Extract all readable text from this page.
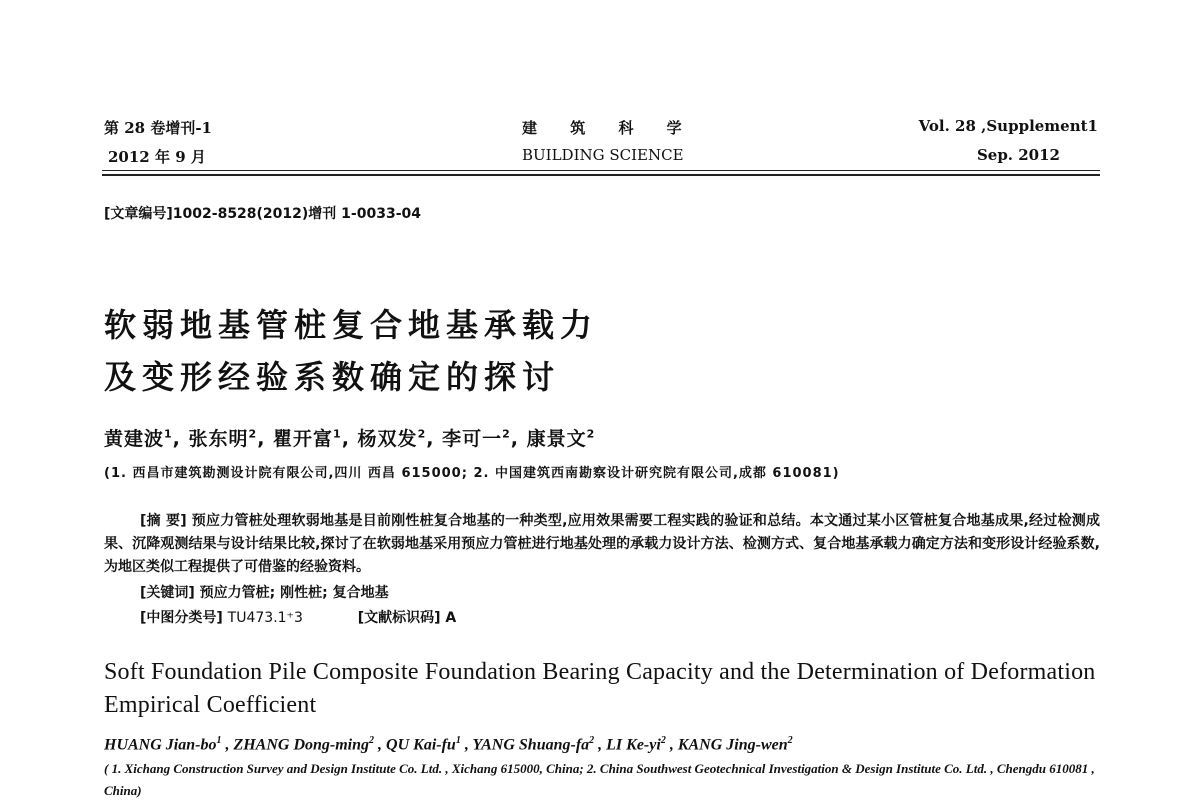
第 28 卷增刊-1
2012 年 9 月
建 筑 科 学
BUILDING SCIENCE
Vol. 28 ,Supplement1
Sep. 2012
[文章编号]1002-8528(2012)增刊 1-0033-04
软弱地基管桩复合地基承载力
及变形经验系数确定的探讨
黄建波$^1$, 张东明$^2$, 瞿开富$^1$, 杨双发$^2$, 李可一$^2$, 康景文$^2$
(1. 西昌市建筑勘测设计院有限公司,四川 西昌 615000; 2. 中国建筑西南勘察设计研究院有限公司,成都 610081)
[摘 要] 预应力管桩处理软弱地基是目前刚性桩复合地基的一种类型,应用效果需要工程实践的验证和总结。本文通过某小区管桩复合地基成果,经过检测成果、沉降观测结果与设计结果比较,探讨了在软弱地基采用预应力管桩进行地基处理的承载力设计方法、检测方式、复合地基承载力确定方法和变形设计经验系数,为地区类似工程提供了可借鉴的经验资料。
[关键词] 预应力管桩; 刚性桩; 复合地基
[中图分类号] TU473.1⁺3	[文献标识码] A
Soft Foundation Pile Composite Foundation Bearing Capacity and the Determination of Deformation Empirical Coefficient
HUANG Jian-$bo^1$ , ZHANG Dong-ming$^2$ , QU Kai-$fu^1$ , YANG Shuang-$fa^2$ , LI $Ke-yi^2$ , KANG Jing-wen$^2$
( 1. Xichang Construction Survey and Design Institute Co. Ltd. , Xichang 615000, China; 2. China Southwest Geotechnical Investigation & Design Institute Co. Ltd. , Chengdu 610081 , China)
